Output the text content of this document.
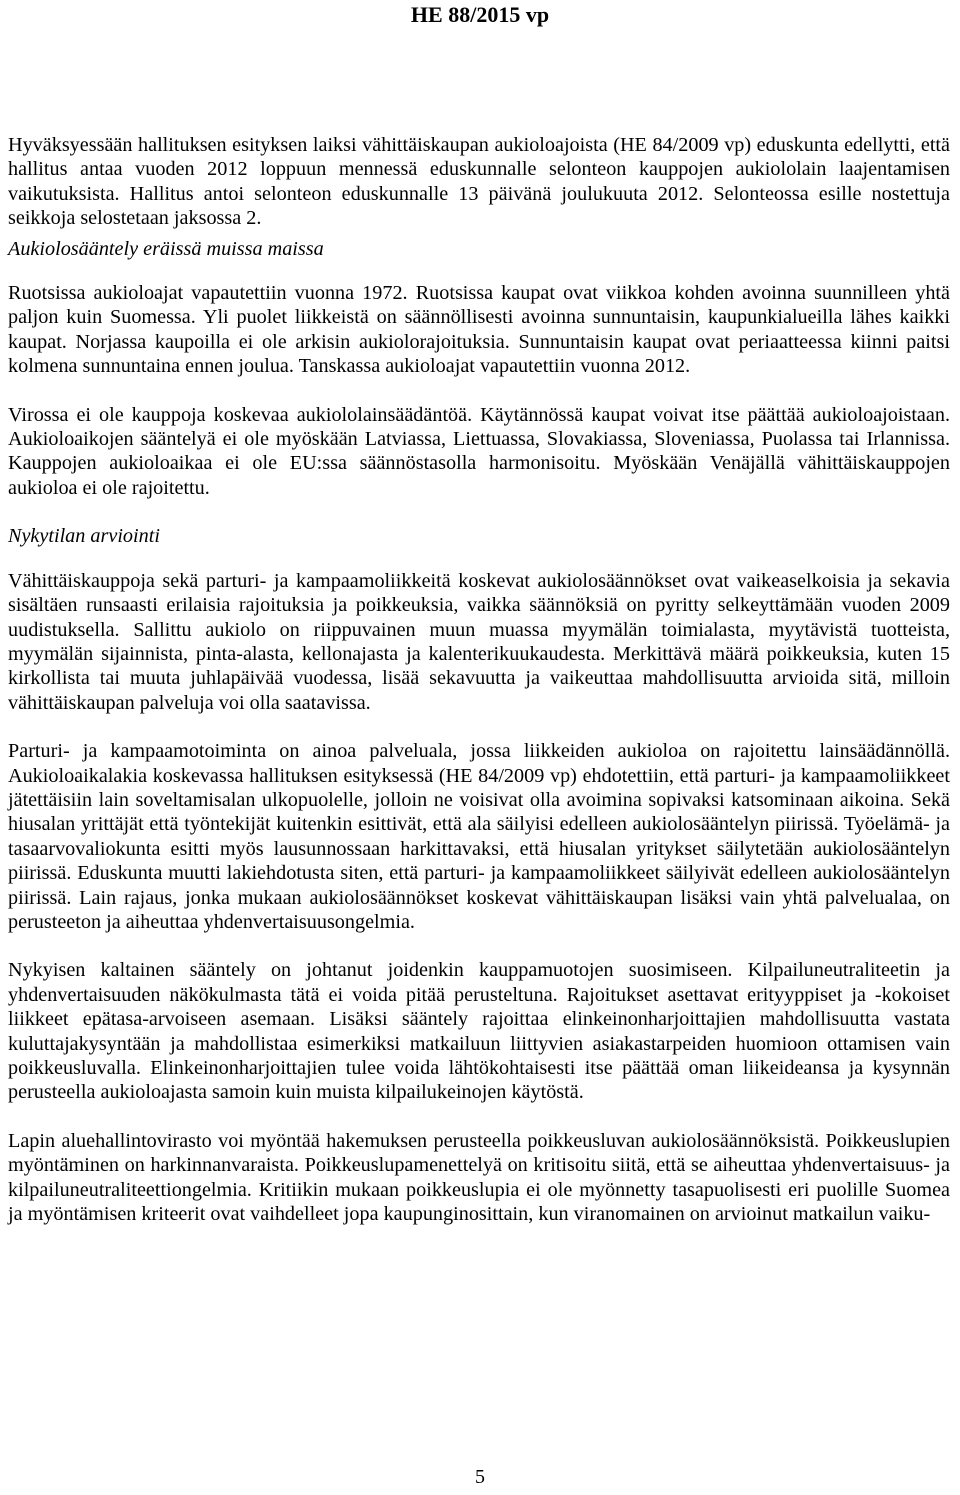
HE 88/2015 vp

Hyväksyessään hallituksen esityksen laiksi vähittäiskaupan aukioloajoista (HE 84/2009 vp) eduskunta edellytti, että hallitus antaa vuoden 2012 loppuun mennessä eduskunnalle selonteon kauppojen aukiololain laajentamisen vaikutuksista. Hallitus antoi selonteon eduskunnalle 13 päivänä joulukuuta 2012. Selonteossa esille nostettuja seikkoja selostetaan jaksossa 2.

Aukiolosääntely eräissä muissa maissa

Ruotsissa aukioloajat vapautettiin vuonna 1972. Ruotsissa kaupat ovat viikkoa kohden avoinna suunnilleen yhtä paljon kuin Suomessa. Yli puolet liikkeistä on säännöllisesti avoinna sunnuntaisin, kaupunkialueilla lähes kaikki kaupat. Norjassa kaupoilla ei ole arkisin aukiolorajoituksia. Sunnuntaisin kaupat ovat periaatteessa kiinni paitsi kolmena sunnuntaina ennen joulua. Tanskassa aukioloajat vapautettiin vuonna 2012.

Virossa ei ole kauppoja koskevaa aukiololainsäädäntöä. Käytännössä kaupat voivat itse päättää aukioloajoistaan. Aukioloaikojen sääntelyä ei ole myöskään Latviassa, Liettuassa, Slovakiassa, Sloveniassa, Puolassa tai Irlannissa. Kauppojen aukioloaikaa ei ole EU:ssa säännöstasolla harmonisoitu. Myöskään Venäjällä vähittäiskauppojen aukioloa ei ole rajoitettu.

Nykytilan arviointi

Vähittäiskauppoja sekä parturi- ja kampaamoliikkeitä koskevat aukiolosäännökset ovat vaikeaselkoisia ja sekavia sisältäen runsaasti erilaisia rajoituksia ja poikkeuksia, vaikka säännöksiä on pyritty selkeyttämään vuoden 2009 uudistuksella. Sallittu aukiolo on riippuvainen muun muassa myymälän toimialasta, myytävistä tuotteista, myymälän sijainnista, pinta-alasta, kellonajasta ja kalenterikuukaudesta. Merkittävä määrä poikkeuksia, kuten 15 kirkollista tai muuta juhlapäivää vuodessa, lisää sekavuutta ja vaikeuttaa mahdollisuutta arvioida sitä, milloin vähittäiskaupan palveluja voi olla saatavissa.

Parturi- ja kampaamotoiminta on ainoa palveluala, jossa liikkeiden aukioloa on rajoitettu lainsäädännöllä. Aukioloaikalakia koskevassa hallituksen esityksessä (HE 84/2009 vp) ehdotettiin, että parturi- ja kampaamoliikkeet jätettäisiin lain soveltamisalan ulkopuolelle, jolloin ne voisivat olla avoimina sopivaksi katsominaan aikoina. Sekä hiusalan yrittäjät että työntekijät kuitenkin esittivät, että ala säilyisi edelleen aukiolosääntelyn piirissä. Työelämä- ja tasaarvovaliokunta esitti myös lausunnossaan harkittavaksi, että hiusalan yritykset säilytetään aukiolosääntelyn piirissä. Eduskunta muutti lakiehdotusta siten, että parturi- ja kampaamoliikkeet säilyivät edelleen aukiolosääntelyn piirissä. Lain rajaus, jonka mukaan aukiolosäännökset koskevat vähittäiskaupan lisäksi vain yhtä palvelualaa, on perusteeton ja aiheuttaa yhdenvertaisuusongelmia.

Nykyisen kaltainen sääntely on johtanut joidenkin kauppamuotojen suosimiseen. Kilpailuneutraliteetin ja yhdenvertaisuuden näkökulmasta tätä ei voida pitää perusteltuna. Rajoitukset asettavat erityyppiset ja -kokoiset liikkeet epätasa-arvoiseen asemaan. Lisäksi sääntely rajoittaa elinkeinonharjoittajien mahdollisuutta vastata kuluttajakysyntään ja mahdollistaa esimerkiksi matkailuun liittyvien asiakastarpeiden huomioon ottamisen vain poikkeusluvalla. Elinkeinonharjoittajien tulee voida lähtökohtaisesti itse päättää oman liikeideansa ja kysynnän perusteella aukioloajasta samoin kuin muista kilpailukeinojen käytöstä.

Lapin aluehallintovirasto voi myöntää hakemuksen perusteella poikkeusluvan aukiolosäännöksistä. Poikkeuslupien myöntäminen on harkinnanvaraista. Poikkeuslupamenettelyä on kritisoitu siitä, että se aiheuttaa yhdenvertaisuus- ja kilpailuneutraliteettiongelmia. Kritiikin mukaan poikkeuslupia ei ole myönnetty tasapuolisesti eri puolille Suomea ja myöntämisen kriteerit ovat vaihdelleet jopa kaupunginosittain, kun viranomainen on arvioinut matkailun vaiku-

5
